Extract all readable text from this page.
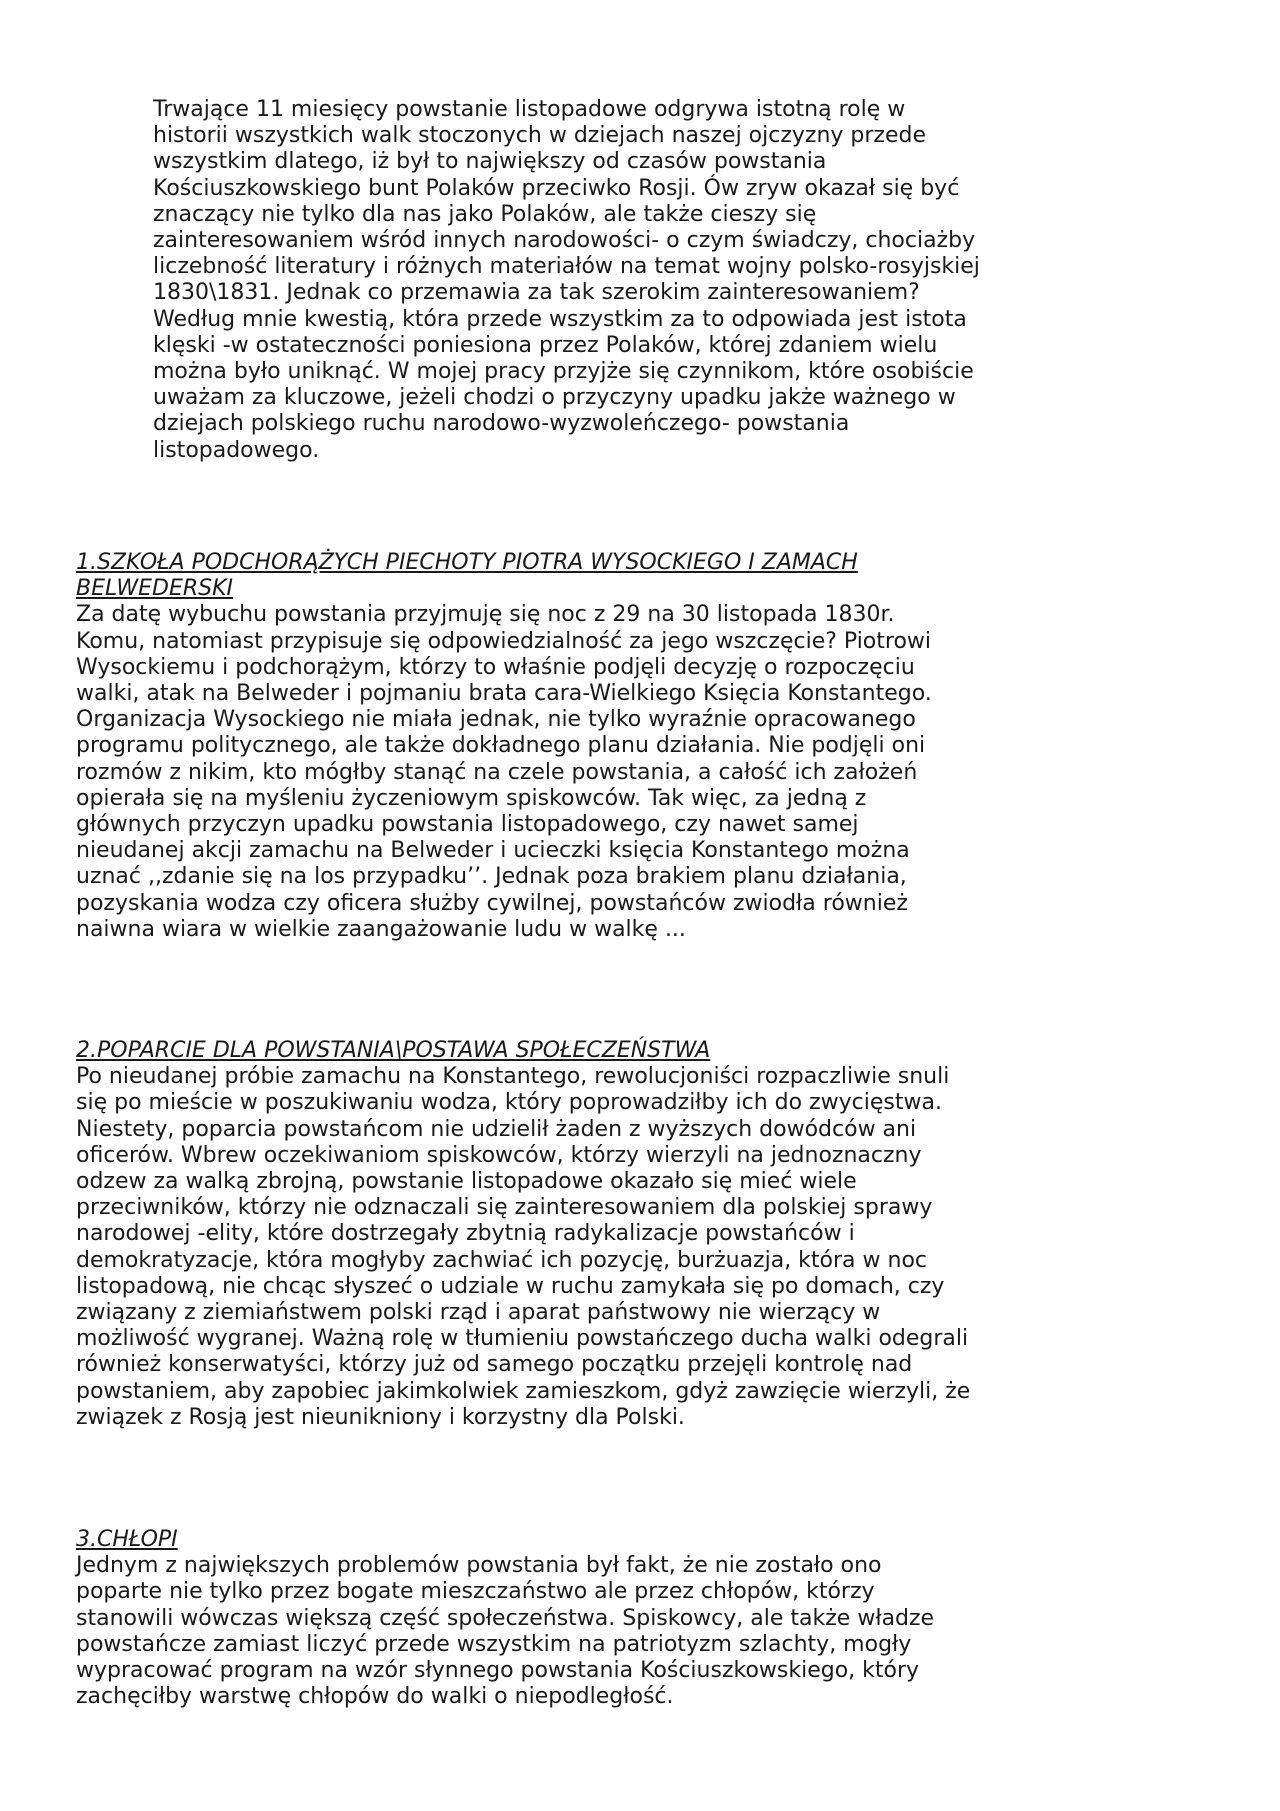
Trwające 11 miesięcy powstanie listopadowe odgrywa istotną rolę w
historii wszystkich walk stoczonych w dziejach naszej ojczyzny przede
wszystkim dlatego, iż był to największy od czasów powstania
Kościuszkowskiego bunt Polaków przeciwko Rosji. Ów zryw okazał się być
znaczący nie tylko dla nas jako Polaków, ale także cieszy się
zainteresowaniem wśród innych narodowości- o czym świadczy, chociażby
liczebność literatury i różnych materiałów na temat wojny polsko-rosyjskiej
1830\1831. Jednak co przemawia za tak szerokim zainteresowaniem?
Według mnie kwestią, która przede wszystkim za to odpowiada jest istota
klęski -w ostateczności poniesiona przez Polaków, której zdaniem wielu
można było uniknąć. W mojej pracy przyjże się czynnikom, które osobiście
uważam za kluczowe, jeżeli chodzi o przyczyny upadku jakże ważnego w
dziejach polskiego ruchu narodowo-wyzwoleńczego- powstania
listopadowego.

1.SZKOŁA PODCHORĄŻYCH PIECHOTY PIOTRA WYSOCKIEGO I ZAMACH
BELWEDERSKI

Za datę wybuchu powstania przyjmuję się noc z 29 na 30 listopada 1830r.
Komu, natomiast przypisuje się odpowiedzialność za jego wszczęcie? Piotrowi
Wysockiemu i podchorążym, którzy to właśnie podjęli decyzję o rozpoczęciu
walki, atak na Belweder i pojmaniu brata cara-Wielkiego Księcia Konstantego.
Organizacja Wysockiego nie miała jednak, nie tylko wyraźnie opracowanego
programu politycznego, ale także dokładnego planu działania. Nie podjęli oni
rozmów z nikim, kto mógłby stanąć na czele powstania, a całość ich założeń
opierała się na myśleniu życzeniowym spiskowców. Tak więc, za jedną z
głównych przyczyn upadku powstania listopadowego, czy nawet samej
nieudanej akcji zamachu na Belweder i ucieczki księcia Konstantego można
uznać ,,zdanie się na los przypadku’’. Jednak poza brakiem planu działania,
pozyskania wodza czy oficera służby cywilnej, powstańców zwiodła również
naiwna wiara w wielkie zaangażowanie ludu w walkę ...

2.POPARCIE DLA POWSTANIA\POSTAWA SPOŁECZEŃSTWA

Po nieudanej próbie zamachu na Konstantego, rewolucjoniści rozpaczliwie snuli
się po mieście w poszukiwaniu wodza, który poprowadziłby ich do zwycięstwa.
Niestety, poparcia powstańcom nie udzielił żaden z wyższych dowódców ani
oficerów. Wbrew oczekiwaniom spiskowców, którzy wierzyli na jednoznaczny
odzew za walką zbrojną, powstanie listopadowe okazało się mieć wiele
przeciwników, którzy nie odznaczali się zainteresowaniem dla polskiej sprawy
narodowej -elity, które dostrzegały zbytnią radykalizacje powstańców i
demokratyzacje, która mogłyby zachwiać ich pozycję, burżuazja, która w noc
listopadową, nie chcąc słyszeć o udziale w ruchu zamykała się po domach, czy
związany z ziemiaństwem polski rząd i aparat państwowy nie wierzący w
możliwość wygranej. Ważną rolę w tłumieniu powstańczego ducha walki odegrali
również konserwatyści, którzy już od samego początku przejęli kontrolę nad
powstaniem, aby zapobiec jakimkolwiek zamieszkom, gdyż zawzięcie wierzyli, że
związek z Rosją jest nieunikniony i korzystny dla Polski.

3.CHŁOPI

Jednym z największych problemów powstania był fakt, że nie zostało ono
poparte nie tylko przez bogate mieszczaństwo ale przez chłopów, którzy
stanowili wówczas większą część społeczeństwa. Spiskowcy, ale także władze
powstańcze zamiast liczyć przede wszystkim na patriotyzm szlachty, mogły
wypracować program na wzór słynnego powstania Kościuszkowskiego, który
zachęciłby warstwę chłopów do walki o niepodległość.
